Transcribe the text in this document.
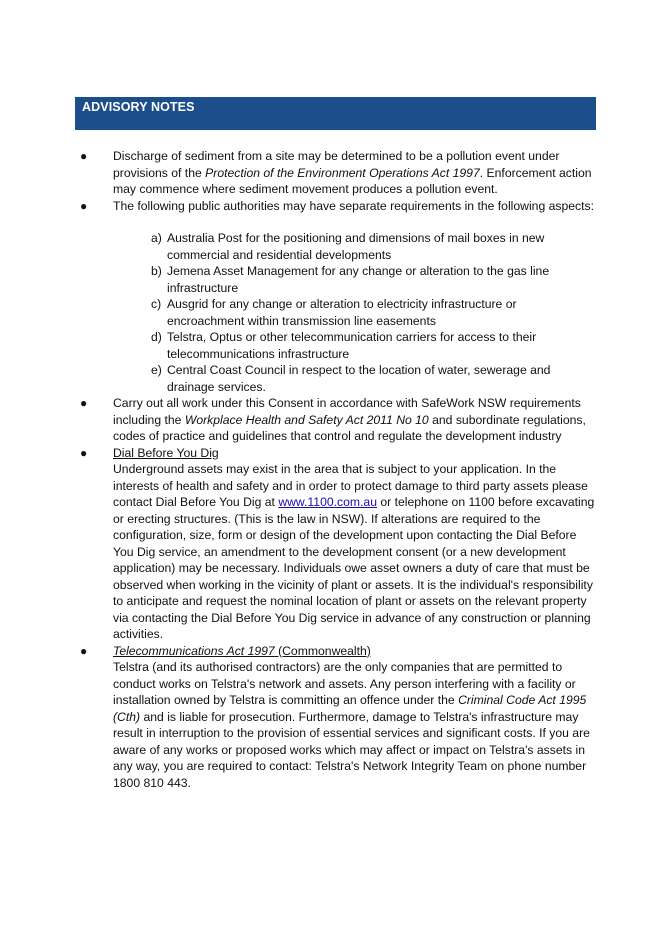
ADVISORY NOTES
● Discharge of sediment from a site may be determined to be a pollution event under provisions of the Protection of the Environment Operations Act 1997. Enforcement action may commence where sediment movement produces a pollution event.
● The following public authorities may have separate requirements in the following aspects:
a) Australia Post for the positioning and dimensions of mail boxes in new commercial and residential developments
b) Jemena Asset Management for any change or alteration to the gas line infrastructure
c) Ausgrid for any change or alteration to electricity infrastructure or encroachment within transmission line easements
d) Telstra, Optus or other telecommunication carriers for access to their telecommunications infrastructure
e) Central Coast Council in respect to the location of water, sewerage and drainage services.
● Carry out all work under this Consent in accordance with SafeWork NSW requirements including the Workplace Health and Safety Act 2011 No 10 and subordinate regulations, codes of practice and guidelines that control and regulate the development industry
● Dial Before You Dig
Underground assets may exist in the area that is subject to your application. In the interests of health and safety and in order to protect damage to third party assets please contact Dial Before You Dig at www.1100.com.au or telephone on 1100 before excavating or erecting structures. (This is the law in NSW). If alterations are required to the configuration, size, form or design of the development upon contacting the Dial Before You Dig service, an amendment to the development consent (or a new development application) may be necessary. Individuals owe asset owners a duty of care that must be observed when working in the vicinity of plant or assets. It is the individual's responsibility to anticipate and request the nominal location of plant or assets on the relevant property via contacting the Dial Before You Dig service in advance of any construction or planning activities.
● Telecommunications Act 1997 (Commonwealth)
Telstra (and its authorised contractors) are the only companies that are permitted to conduct works on Telstra's network and assets. Any person interfering with a facility or installation owned by Telstra is committing an offence under the Criminal Code Act 1995 (Cth) and is liable for prosecution. Furthermore, damage to Telstra's infrastructure may result in interruption to the provision of essential services and significant costs. If you are aware of any works or proposed works which may affect or impact on Telstra's assets in any way, you are required to contact: Telstra's Network Integrity Team on phone number 1800 810 443.
